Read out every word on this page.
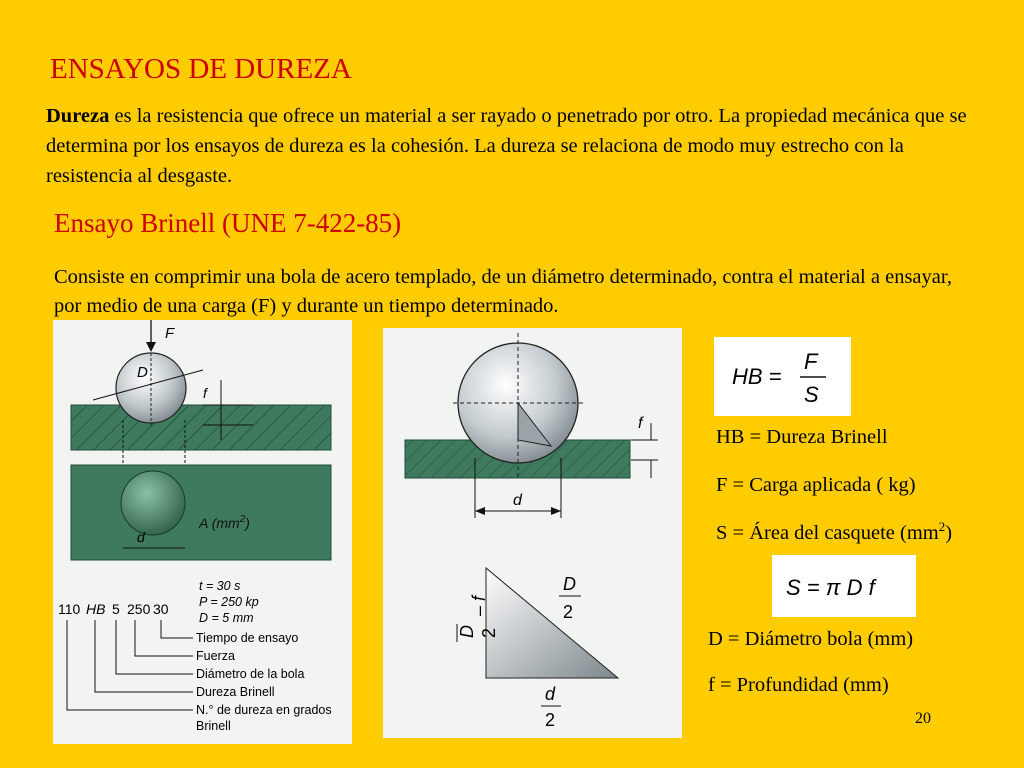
ENSAYOS DE DUREZA

Dureza es la resistencia que ofrece un material a ser rayado o penetrado por otro. La propiedad mecánica que se determina por los ensayos de dureza es la cohesión. La dureza se relaciona de modo muy estrecho con la resistencia al desgaste.

Ensayo Brinell (UNE 7-422-85)

Consiste en comprimir una bola de acero templado, de un diámetro determinado, contra el material a ensayar, por medio de una carga (F) y durante un tiempo determinado.

F
D
f
A $(mm^2)$
d
t = 30 s
P = 250 kp
D = 5 mm
110 HB 5 250 30
Tiempo de ensayo
Fuerza
Diámetro de la bola
Dureza Brinell
N.° de dureza en grados
Brinell
f
d
D
2
D 2
– f
d
2
HB =
F
S
HB = Dureza Brinell
F = Carga aplicada ( kg)
S = Área del casquete $(mm^2)$
S = π D f
D = Diámetro bola (mm)
f = Profundidad (mm)
20
